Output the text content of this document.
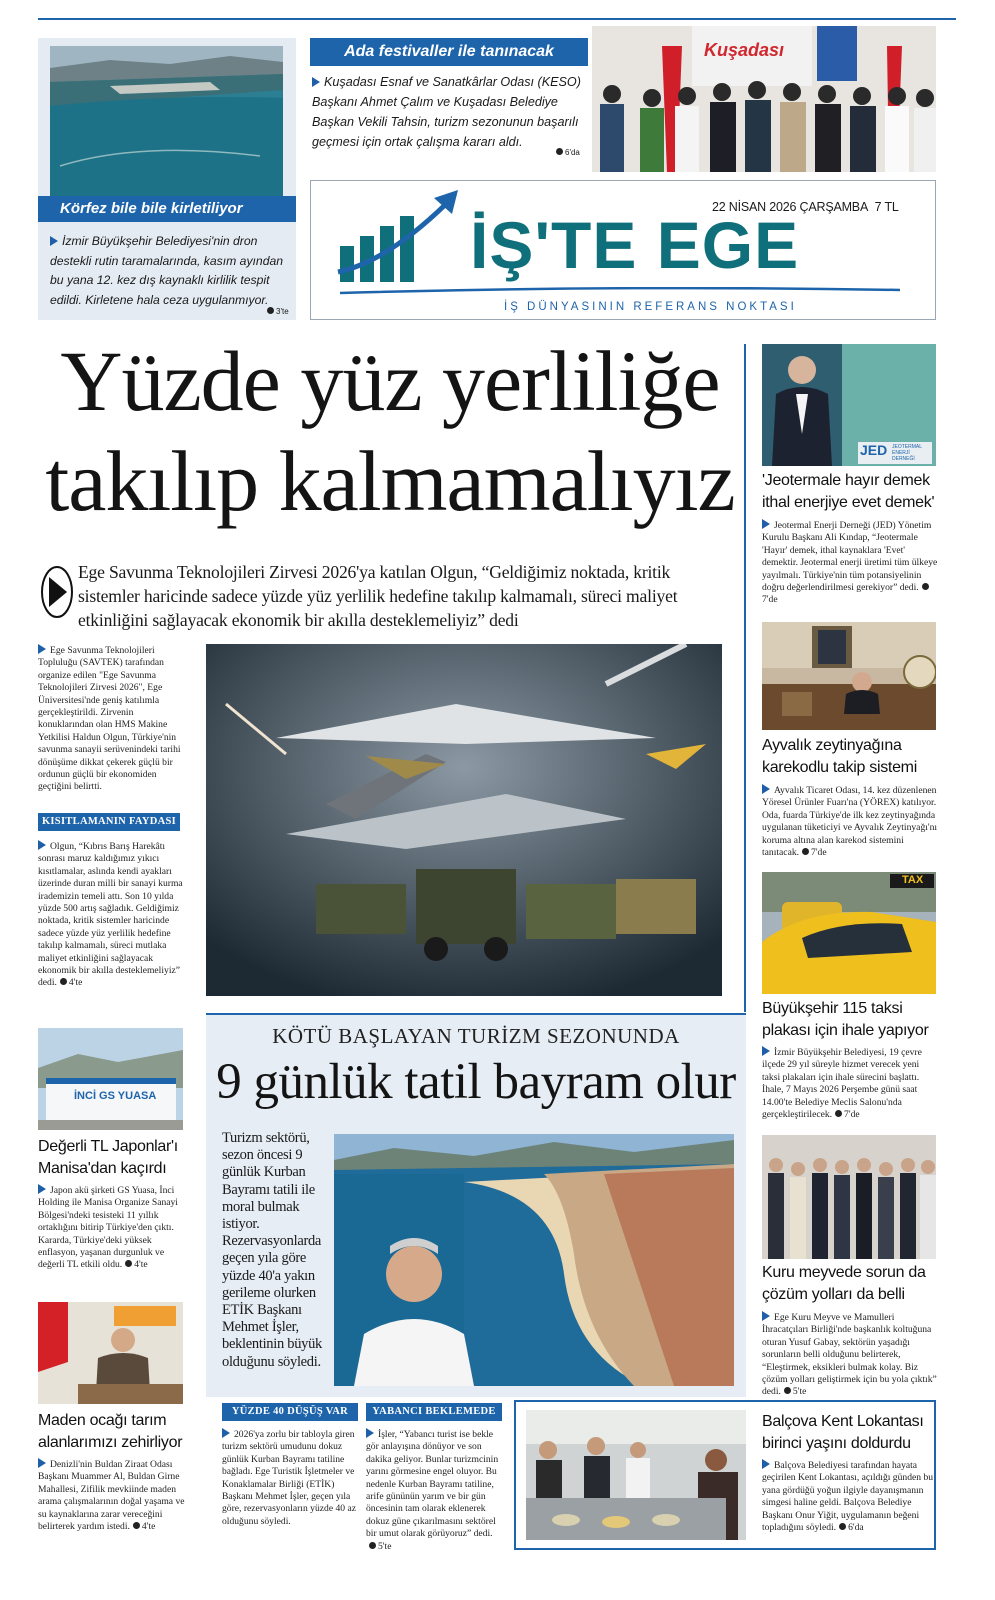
Körfez bile bile kirletiliyor
İzmir Büyükşehir Belediyesi'nin dron destekli rutin taramalarında, kasım ayından bu yana 12. kez dış kaynaklı kirlilik tespit edildi. Kirletene hala ceza uygulanmıyor.
3'te
Ada festivaller ile tanınacak
Kuşadası Esnaf ve Sanatkârlar Odası (KESO) Başkanı Ahmet Çalım ve Kuşadası Belediye Başkan Vekili Tahsin, turizm sezonunun başarılı geçmesi için ortak çalışma kararı aldı.
6'da
Kuşadası
22 NİSAN 2026 ÇARŞAMBA 7 TL
İŞ'TE EGE
İŞ DÜNYASININ REFERANS NOKTASI
Yüzde yüz yerliliğe
takılıp kalmamalıyız
Ege Savunma Teknolojileri Zirvesi 2026'ya katılan Olgun, “Geldiğimiz noktada, kritik sistemler haricinde sadece yüzde yüz yerlilik hedefine takılıp kalmamalı, süreci maliyet etkinliğini sağlayacak ekonomik bir akılla desteklemeliyiz” dedi
Ege Savunma Teknolojileri Topluluğu (SAVTEK) tarafından organize edilen "Ege Savunma Teknolojileri Zirvesi 2026", Ege Üniversitesi'nde geniş katılımla gerçekleştirildi. Zirvenin konuklarından olan HMS Makine Yetkilisi Haldun Olgun, Türkiye'nin savunma sanayii serüvenindeki tarihi dönüşüme dikkat çekerek güçlü bir ordunun güçlü bir ekonomiden geçtiğini belirtti.
KISITLAMANIN FAYDASI
Olgun, “Kıbrıs Barış Harekâtı sonrası maruz kaldığımız yıkıcı kısıtlamalar, aslında kendi ayakları üzerinde duran milli bir sanayi kurma irademizin temeli attı. Son 10 yılda yüzde 500 artış sağladık. Geldiğimiz noktada, kritik sistemler haricinde sadece yüzde yüz yerlilik hedefine takılıp kalmamalı, süreci mutlaka maliyet etkinliğini sağlayacak ekonomik bir akılla desteklemeliyiz” dedi. 4'te
JED JEOTERMAL ENERJİ DERNEĞİ
'Jeotermale hayır demek ithal enerjiye evet demek'
Jeotermal Enerji Derneği (JED) Yönetim Kurulu Başkanı Ali Kındap, “Jeotermale 'Hayır' demek, ithal kaynaklara 'Evet' demektir. Jeotermal enerji üretimi tüm ülkeye yayılmalı. Türkiye'nin tüm potansiyelinin doğru değerlendirilmesi gerekiyor” dedi.7'de
Ayvalık zeytinyağına karekodlu takip sistemi
Ayvalık Ticaret Odası, 14. kez düzenlenen Yöresel Ürünler Fuarı'na (YÖREX) katılıyor. Oda, fuarda Türkiye'de ilk kez zeytinyağında uygulanan tüketiciyi ve Ayvalık Zeytinyağı'nı koruma altına alan karekod sistemini tanıtacak. 7'de
TAX
Büyükşehir 115 taksi plakası için ihale yapıyor
İzmir Büyükşehir Belediyesi, 19 çevre ilçede 29 yıl süreyle hizmet verecek yeni taksi plakaları için ihale sürecini başlattı. İhale, 7 Mayıs 2026 Perşembe günü saat 14.00'te Belediye Meclis Salonu'nda gerçekleştirilecek. 7'de
Kuru meyvede sorun da çözüm yolları da belli
Ege Kuru Meyve ve Mamulleri İhracatçıları Birliği'nde başkanlık koltuğuna oturan Yusuf Gabay, sektörün yaşadığı sorunların belli olduğunu belirterek, “Eleştirmek, eksikleri bulmak kolay. Biz çözüm yolları geliştirmek için bu yola çıktık” dedi. 5'te
İNCİ GS YUASA
Değerli TL Japonlar'ı Manisa'dan kaçırdı
Japon akü şirketi GS Yuasa, İnci Holding ile Manisa Organize Sanayi Bölgesi'ndeki tesisteki 11 yıllık ortaklığını bitirip Türkiye'den çıktı. Kararda, Türkiye'deki yüksek enflasyon, yaşanan durgunluk ve değerli TL etkili oldu. 4'te
Maden ocağı tarım alanlarımızı zehirliyor
Denizli'nin Buldan Ziraat Odası Başkanı Muammer Al, Buldan Girne Mahallesi, Zifilik mevkiinde maden arama çalışmalarının doğal yaşama ve su kaynaklarına zarar vereceğini belirterek yardım istedi. 4'te
KÖTÜ BAŞLAYAN TURİZM SEZONUNDA
9 günlük tatil bayram olur
Turizm sektörü, sezon öncesi 9 günlük Kurban Bayramı tatili ile moral bulmak istiyor. Rezervasyonlarda geçen yıla göre yüzde 40'a yakın gerileme olurken ETİK Başkanı Mehmet İşler, beklentinin büyük olduğunu söyledi.
YÜZDE 40 DÜŞÜŞ VAR
2026'ya zorlu bir tabloyla giren turizm sektörü umudunu dokuz günlük Kurban Bayramı tatiline bağladı. Ege Turistik İşletmeler ve Konaklamalar Birliği (ETİK) Başkanı Mehmet İşler, geçen yıla göre, rezervasyonların yüzde 40 az olduğunu söyledi.
YABANCI BEKLEMEDE
İşler, “Yabancı turist ise bekle gör anlayışına dönüyor ve son dakika geliyor. Bunlar turizmcinin yarını görmesine engel oluyor. Bu nedenle Kurban Bayramı tatiline, arife gününün yarım ve bir gün öncesinin tam olarak eklenerek dokuz güne çıkarılmasını sektörel bir umut olarak görüyoruz” dedi.5'te
Balçova Kent Lokantası birinci yaşını doldurdu
Balçova Belediyesi tarafından hayata geçirilen Kent Lokantası, açıldığı günden bu yana gördüğü yoğun ilgiyle dayanışmanın simgesi haline geldi. Balçova Belediye Başkanı Onur Yiğit, uygulamanın beğeni topladığını söyledi. 6'da
